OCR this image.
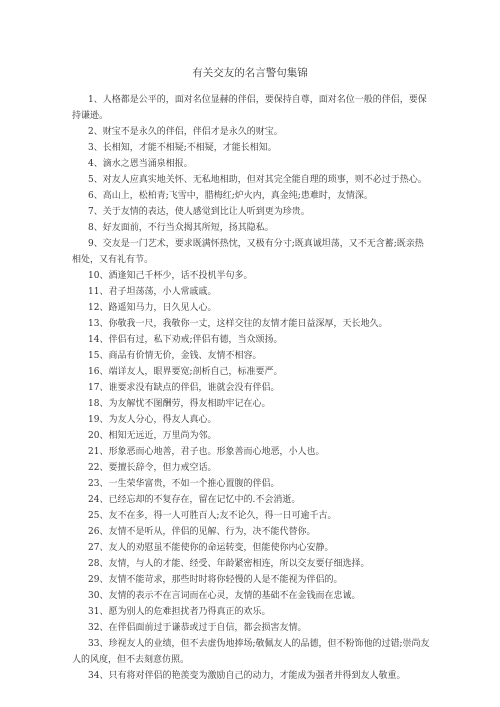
有关交友的名言警句集锦

1、人格都是公平的，面对名位显赫的伴侣，要保持自尊，面对名位一般的伴侣，要保持谦逊。

2、财宝不是永久的伴侣，伴侣才是永久的财宝。

3、长相知，才能不相疑;不相疑，才能长相知。

4、滴水之恩当涌泉相报。

5、对友人应真实地关怀、无私地相助，但对其完全能自理的琐事，则不必过于热心。

6、高山上，松柏青;飞雪中，腊梅红;炉火内，真金纯;患难时，友情深。

7、关于友情的表达，使人感觉到比让人听到更为珍贵。

8、好友面前，不行当众揭其所短，扬其隐私。

9、交友是一门艺术，要求既满怀热忱，又极有分寸;既真诚坦荡，又不无含蓄;既亲热相处，又有礼有节。

10、酒逢知己千杯少，话不投机半句多。

11、君子坦荡荡，小人常戚戚。

12、路遥知马力，日久见人心。

13、你敬我一尺，我敬你一丈，这样交往的友情才能日益深厚，天长地久。

14、伴侣有过，私下劝戒;伴侣有德，当众颂扬。

15、商品有价情无价，金钱、友情不相容。

16、端详友人，眼界要宽;剖析自己，标准要严。

17、谁要求没有缺点的伴侣，谁就会没有伴侣。

18、为友解忧不图酬劳，得友相助牢记在心。

19、为友人分心，得友人真心。

20、相知无远近，万里尚为邻。

21、形象恶而心地善，君子也。形象善而心地恶，小人也。

22、要擅长辞令，但力戒空话。

23、一生荣华富贵，不如一个推心置腹的伴侣。

24、已经忘却的不复存在，留在记忆中的.不会消逝。

25、友不在多，得一人可胜百人;友不论久，得一日可逾千古。

26、友情不是听从，伴侣的见解、行为，决不能代替你。

27、友人的劝慰虽不能使你的命运转变，但能使你内心安静。

28、友情，与人的才能、经受、年龄紧密相连，所以交友要仔细选择。

29、友情不能苛求，那些时时将你轻慢的人是不能视为伴侣的。

30、友情的表示不在言词而在心灵，友情的基础不在金钱而在忠诚。

31、愿为别人的危难担扰者乃得真正的欢乐。

32、在伴侣面前过于谦恭或过于自信，都会损害友情。

33、珍视友人的业绩，但不去虚伪地捧场;敬佩友人的品德，但不粉饰他的过错;崇尚友人的风度，但不去刻意仿照。

34、只有将对伴侣的艳羡变为激励自己的动力，才能成为强者并得到友人敬重。
